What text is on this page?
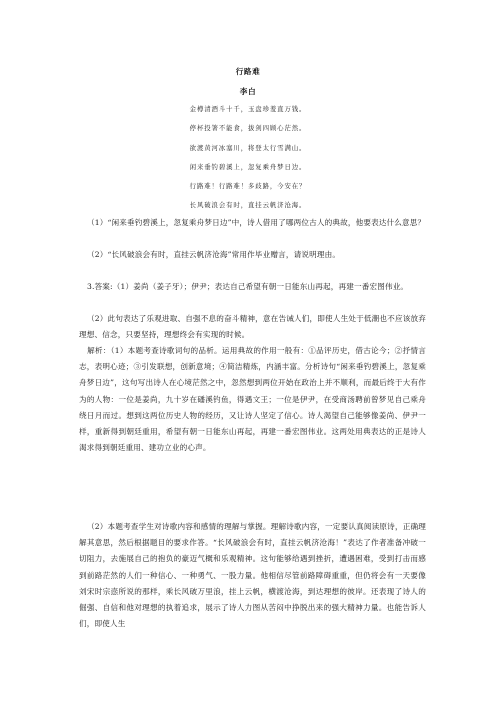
行路难
李白
金樽清酒斗十千，玉盘珍羞直万钱。
停杯投箸不能食，拔剑四顾心茫然。
欲渡黄河冰塞川，将登太行雪满山。
闲来垂钓碧溪上，忽复乘舟梦日边。
行路难！行路难！多歧路，今安在？
长风破浪会有时，直挂云帆济沧海。
（1）“闲来垂钓碧溪上，忽复乘舟梦日边”中，诗人借用了哪两位古人的典故，他要表达什么意思？
（2）“长风破浪会有时，直挂云帆济沧海”常用作毕业赠言，请说明理由。
3.答案:（1）姜尚（姜子牙）；伊尹；表达自己希望有朝一日能东山再起，再建一番宏图伟业。
（2）此句表达了乐观进取、自强不息的奋斗精神，意在告诫人们，即使人生处于低潮也不应该放弃理想、信念，只要坚持，理想终会有实现的时候。
解析：（1）本题考查诗歌词句的品析。运用典故的作用一般有：①品评历史，借古论今；②抒情言志，表明心迹；③引发联想，创新意境；④简洁精炼，内涵丰富。分析诗句“闲来垂钓碧溪上，忽复乘舟梦日边”，这句写出诗人在心境茫然之中，忽然想到两位开始在政治上并不顺利，而最后终于大有作为的人物：一位是姜尚，九十岁在磻溪钓鱼，得遇文王；一位是伊尹，在受商汤聘前曾梦见自己乘舟绕日月而过。想到这两位历史人物的经历，又让诗人坚定了信心。诗人渴望自己能够像姜尚、伊尹一样，重新得到朝廷重用，希望有朝一日能东山再起，再建一番宏图伟业。这两处用典表达的正是诗人渴求得到朝廷重用、建功立业的心声。
（2）本题考查学生对诗歌内容和感情的理解与掌握。理解诗歌内容，一定要认真阅读原诗，正确理解其意思，然后根据题目的要求作答。“长风破浪会有时，直挂云帆济沧海！”表达了作者准备冲破一切阻力，去施展自己的抱负的豪迈气概和乐观精神。这句能够给遇到挫折，遭遇困难，受到打击而感到前路茫然的人们一种信心、一种勇气、一股力量。他相信尽管前路障碍重重，但仍将会有一天要像刘宋时宗悫所说的那样，乘长风破万里浪，挂上云帆，横渡沧海，到达理想的彼岸。还表现了诗人的倔强、自信和他对理想的执着追求，展示了诗人力图从苦闷中挣脱出来的强大精神力量。也能告诉人们，即使人生
